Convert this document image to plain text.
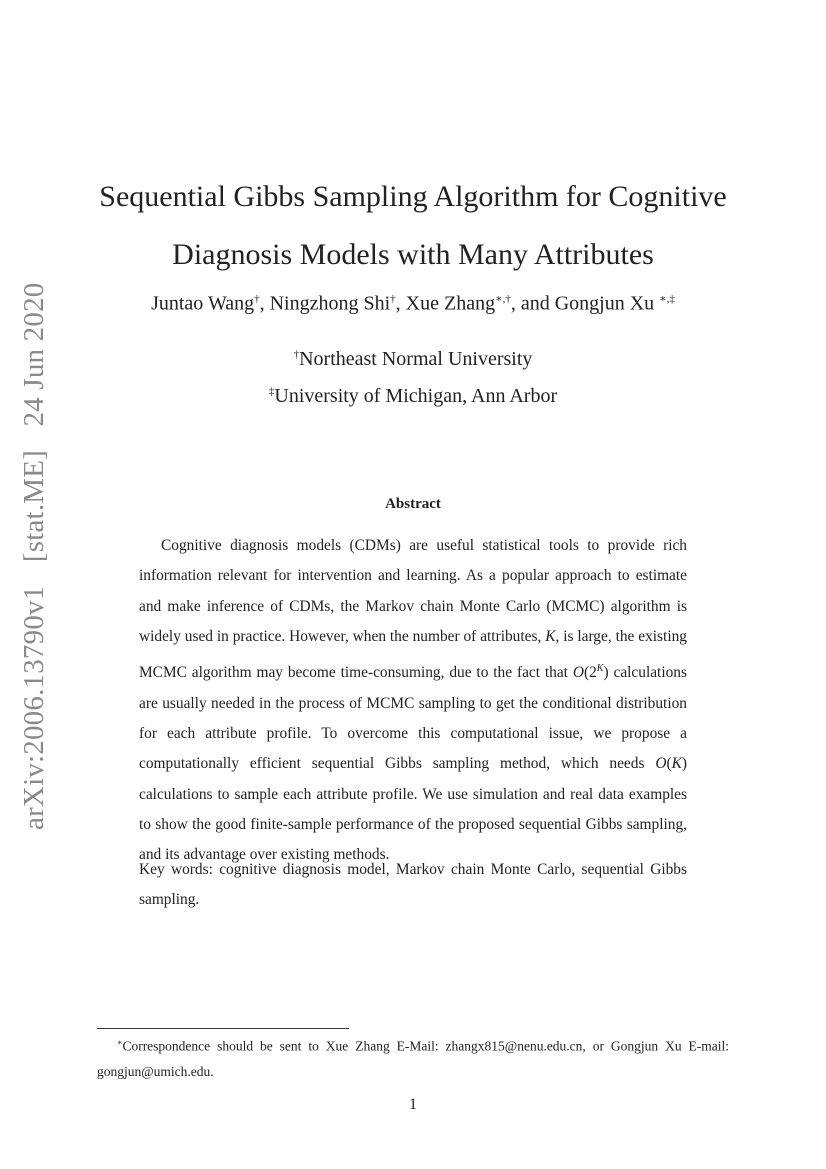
arXiv:2006.13790v1 [stat.ME] 24 Jun 2020
Sequential Gibbs Sampling Algorithm for Cognitive
Diagnosis Models with Many Attributes
Juntao Wang†, Ningzhong Shi†, Xue Zhang∗,†, and Gongjun Xu ∗,‡
†Northeast Normal University
‡University of Michigan, Ann Arbor
Abstract

Cognitive diagnosis models (CDMs) are useful statistical tools to provide rich information relevant for intervention and learning. As a popular approach to estimate and make inference of CDMs, the Markov chain Monte Carlo (MCMC) algorithm is widely used in practice. However, when the number of attributes, K, is large, the existing MCMC algorithm may become time-consuming, due to the fact that $O(2^K)$ calculations are usually needed in the process of MCMC sampling to get the conditional distribution for each attribute profile. To overcome this computational issue, we propose a computationally efficient sequential Gibbs sampling method, which needs O(K) calculations to sample each attribute profile. We use simulation and real data examples to show the good finite-sample performance of the proposed sequential Gibbs sampling, and its advantage over existing methods.

Key words: cognitive diagnosis model, Markov chain Monte Carlo, sequential Gibbs sampling.
∗Correspondence should be sent to Xue Zhang E-Mail: zhangx815@nenu.edu.cn, or Gongjun Xu E-mail: gongjun@umich.edu.
1
